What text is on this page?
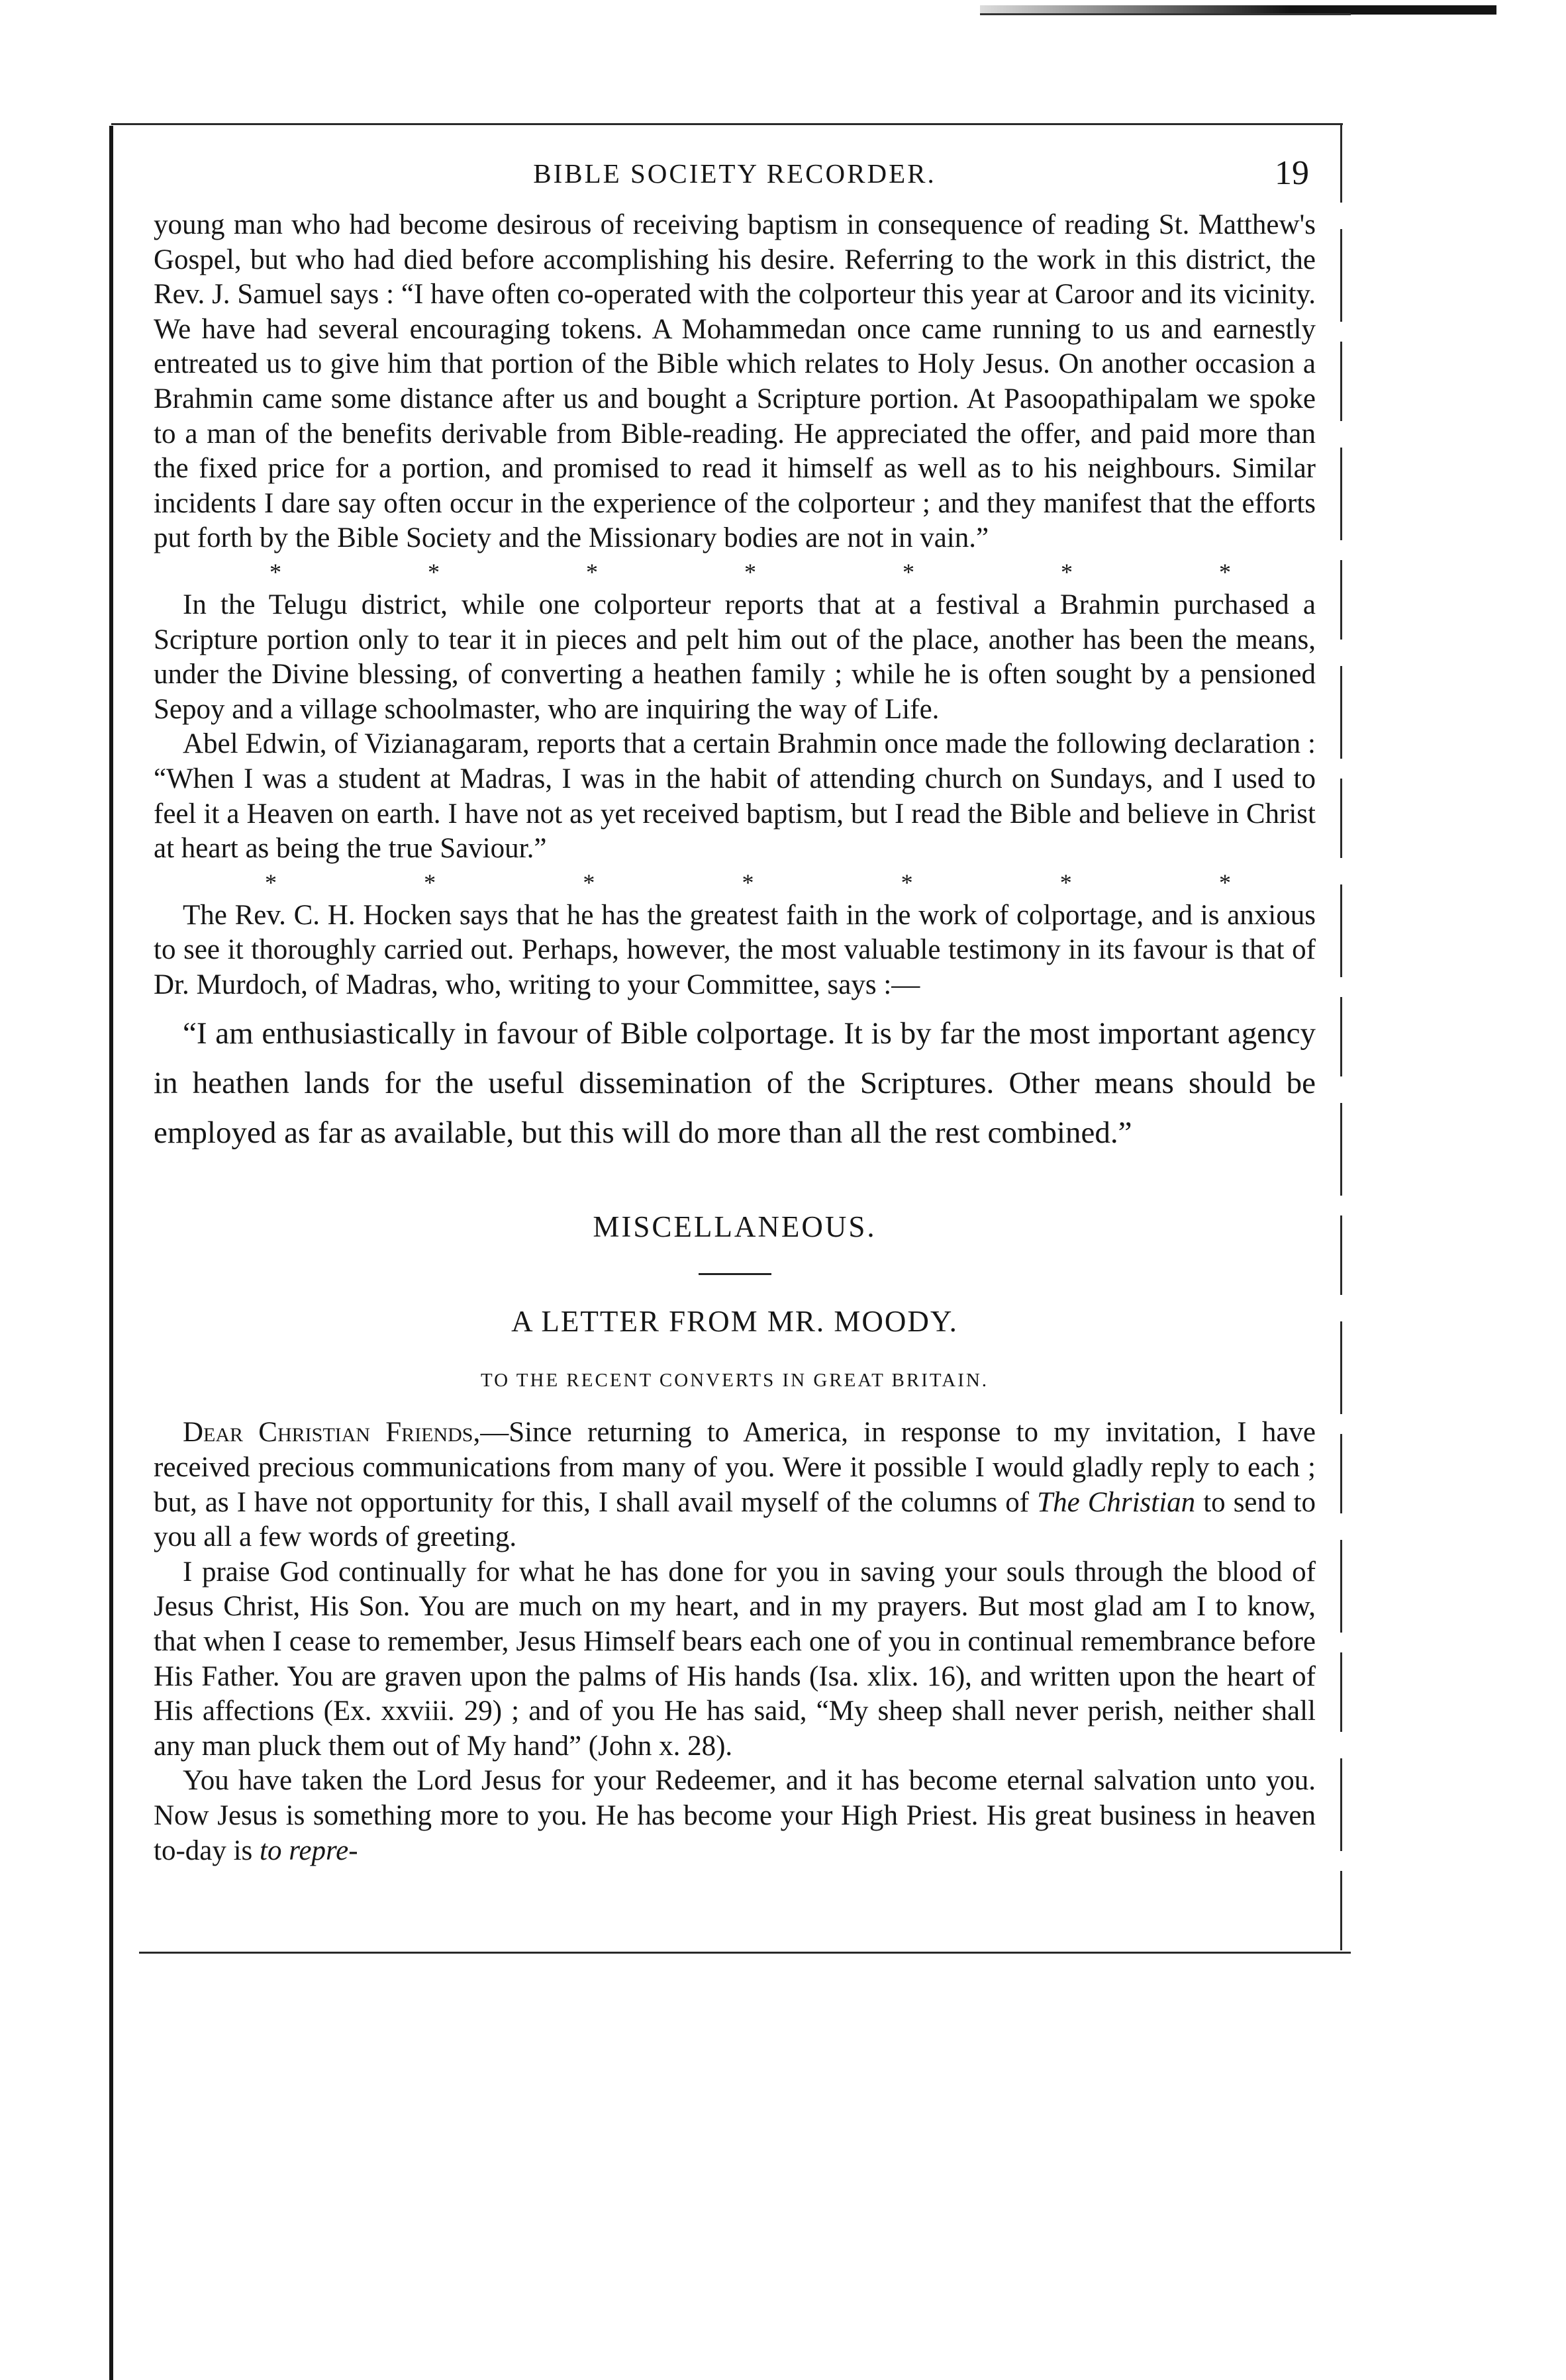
BIBLE SOCIETY RECORDER.	19

young man who had become desirous of receiving baptism in consequence of reading St. Matthew's Gospel, but who had died before accomplishing his desire. Referring to the work in this district, the Rev. J. Samuel says : “I have often co-operated with the colporteur this year at Caroor and its vicinity. We have had several encouraging tokens. A Mohammedan once came running to us and earnestly entreated us to give him that portion of the Bible which relates to Holy Jesus. On another occasion a Brahmin came some distance after us and bought a Scripture portion. At Pasoopathipalam we spoke to a man of the benefits derivable from Bible-reading. He appreciated the offer, and paid more than the fixed price for a portion, and promised to read it himself as well as to his neighbours. Similar incidents I dare say often occur in the experience of the colporteur ; and they manifest that the efforts put forth by the Bible Society and the Missionary bodies are not in vain.”

*	*	*	*	*	*	*

In the Telugu district, while one colporteur reports that at a festival a Brahmin purchased a Scripture portion only to tear it in pieces and pelt him out of the place, another has been the means, under the Divine blessing, of converting a heathen family ; while he is often sought by a pensioned Sepoy and a village schoolmaster, who are inquiring the way of Life.

Abel Edwin, of Vizianagaram, reports that a certain Brahmin once made the following declaration : “When I was a student at Madras, I was in the habit of attending church on Sundays, and I used to feel it a Heaven on earth. I have not as yet received baptism, but I read the Bible and believe in Christ at heart as being the true Saviour.”

*	*	*	*	*	*	*

The Rev. C. H. Hocken says that he has the greatest faith in the work of colportage, and is anxious to see it thoroughly carried out. Perhaps, however, the most valuable testimony in its favour is that of Dr. Murdoch, of Madras, who, writing to your Committee, says :—

“I am enthusiastically in favour of Bible colportage. It is by far the most important agency in heathen lands for the useful dissemination of the Scriptures. Other means should be employed as far as available, but this will do more than all the rest combined.”

MISCELLANEOUS.
A LETTER FROM MR. MOODY.
TO THE RECENT CONVERTS IN GREAT BRITAIN.

Dear Christian Friends,—Since returning to America, in response to my invitation, I have received precious communications from many of you. Were it possible I would gladly reply to each ; but, as I have not opportunity for this, I shall avail myself of the columns of The Christian to send to you all a few words of greeting.

I praise God continually for what he has done for you in saving your souls through the blood of Jesus Christ, His Son. You are much on my heart, and in my prayers. But most glad am I to know, that when I cease to remember, Jesus Himself bears each one of you in continual remembrance before His Father. You are graven upon the palms of His hands (Isa. xlix. 16), and written upon the heart of His affections (Ex. xxviii. 29) ; and of you He has said, “My sheep shall never perish, neither shall any man pluck them out of My hand” (John x. 28).

You have taken the Lord Jesus for your Redeemer, and it has become eternal salvation unto you. Now Jesus is something more to you. He has become your High Priest. His great business in heaven to-day is to repre-
